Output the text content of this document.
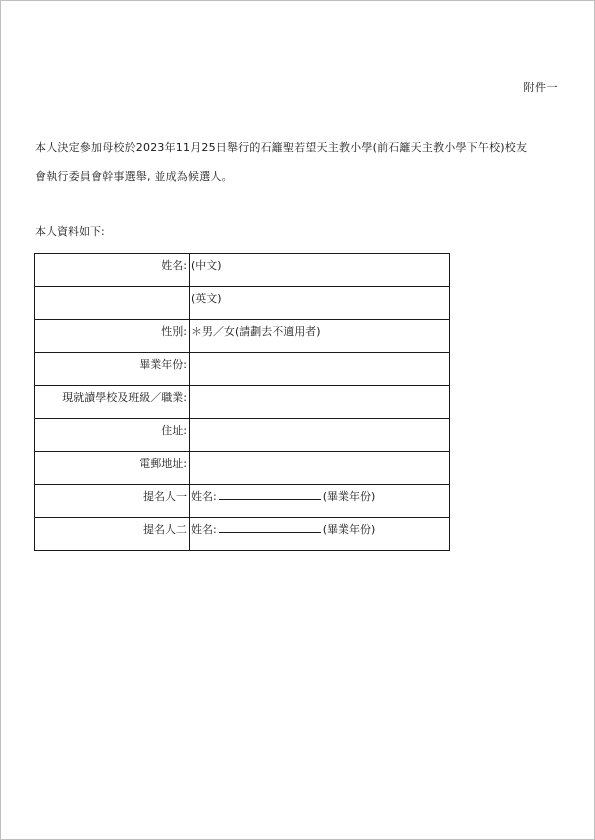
附件一
本人決定參加母校於2023年11月25日舉行的石籬聖若望天主教小學(前石籬天主教小學下午校)校友
會執行委員會幹事選舉, 並成為候選人。
本人資料如下:
姓名:	(中文)
	(英文)
性別:	＊男／女(請劃去不適用者)
畢業年份:	
現就讀學校及班級／職業:	
住址:	
電郵地址:	
提名人一	姓名: (畢業年份)
提名人二	姓名: (畢業年份)
